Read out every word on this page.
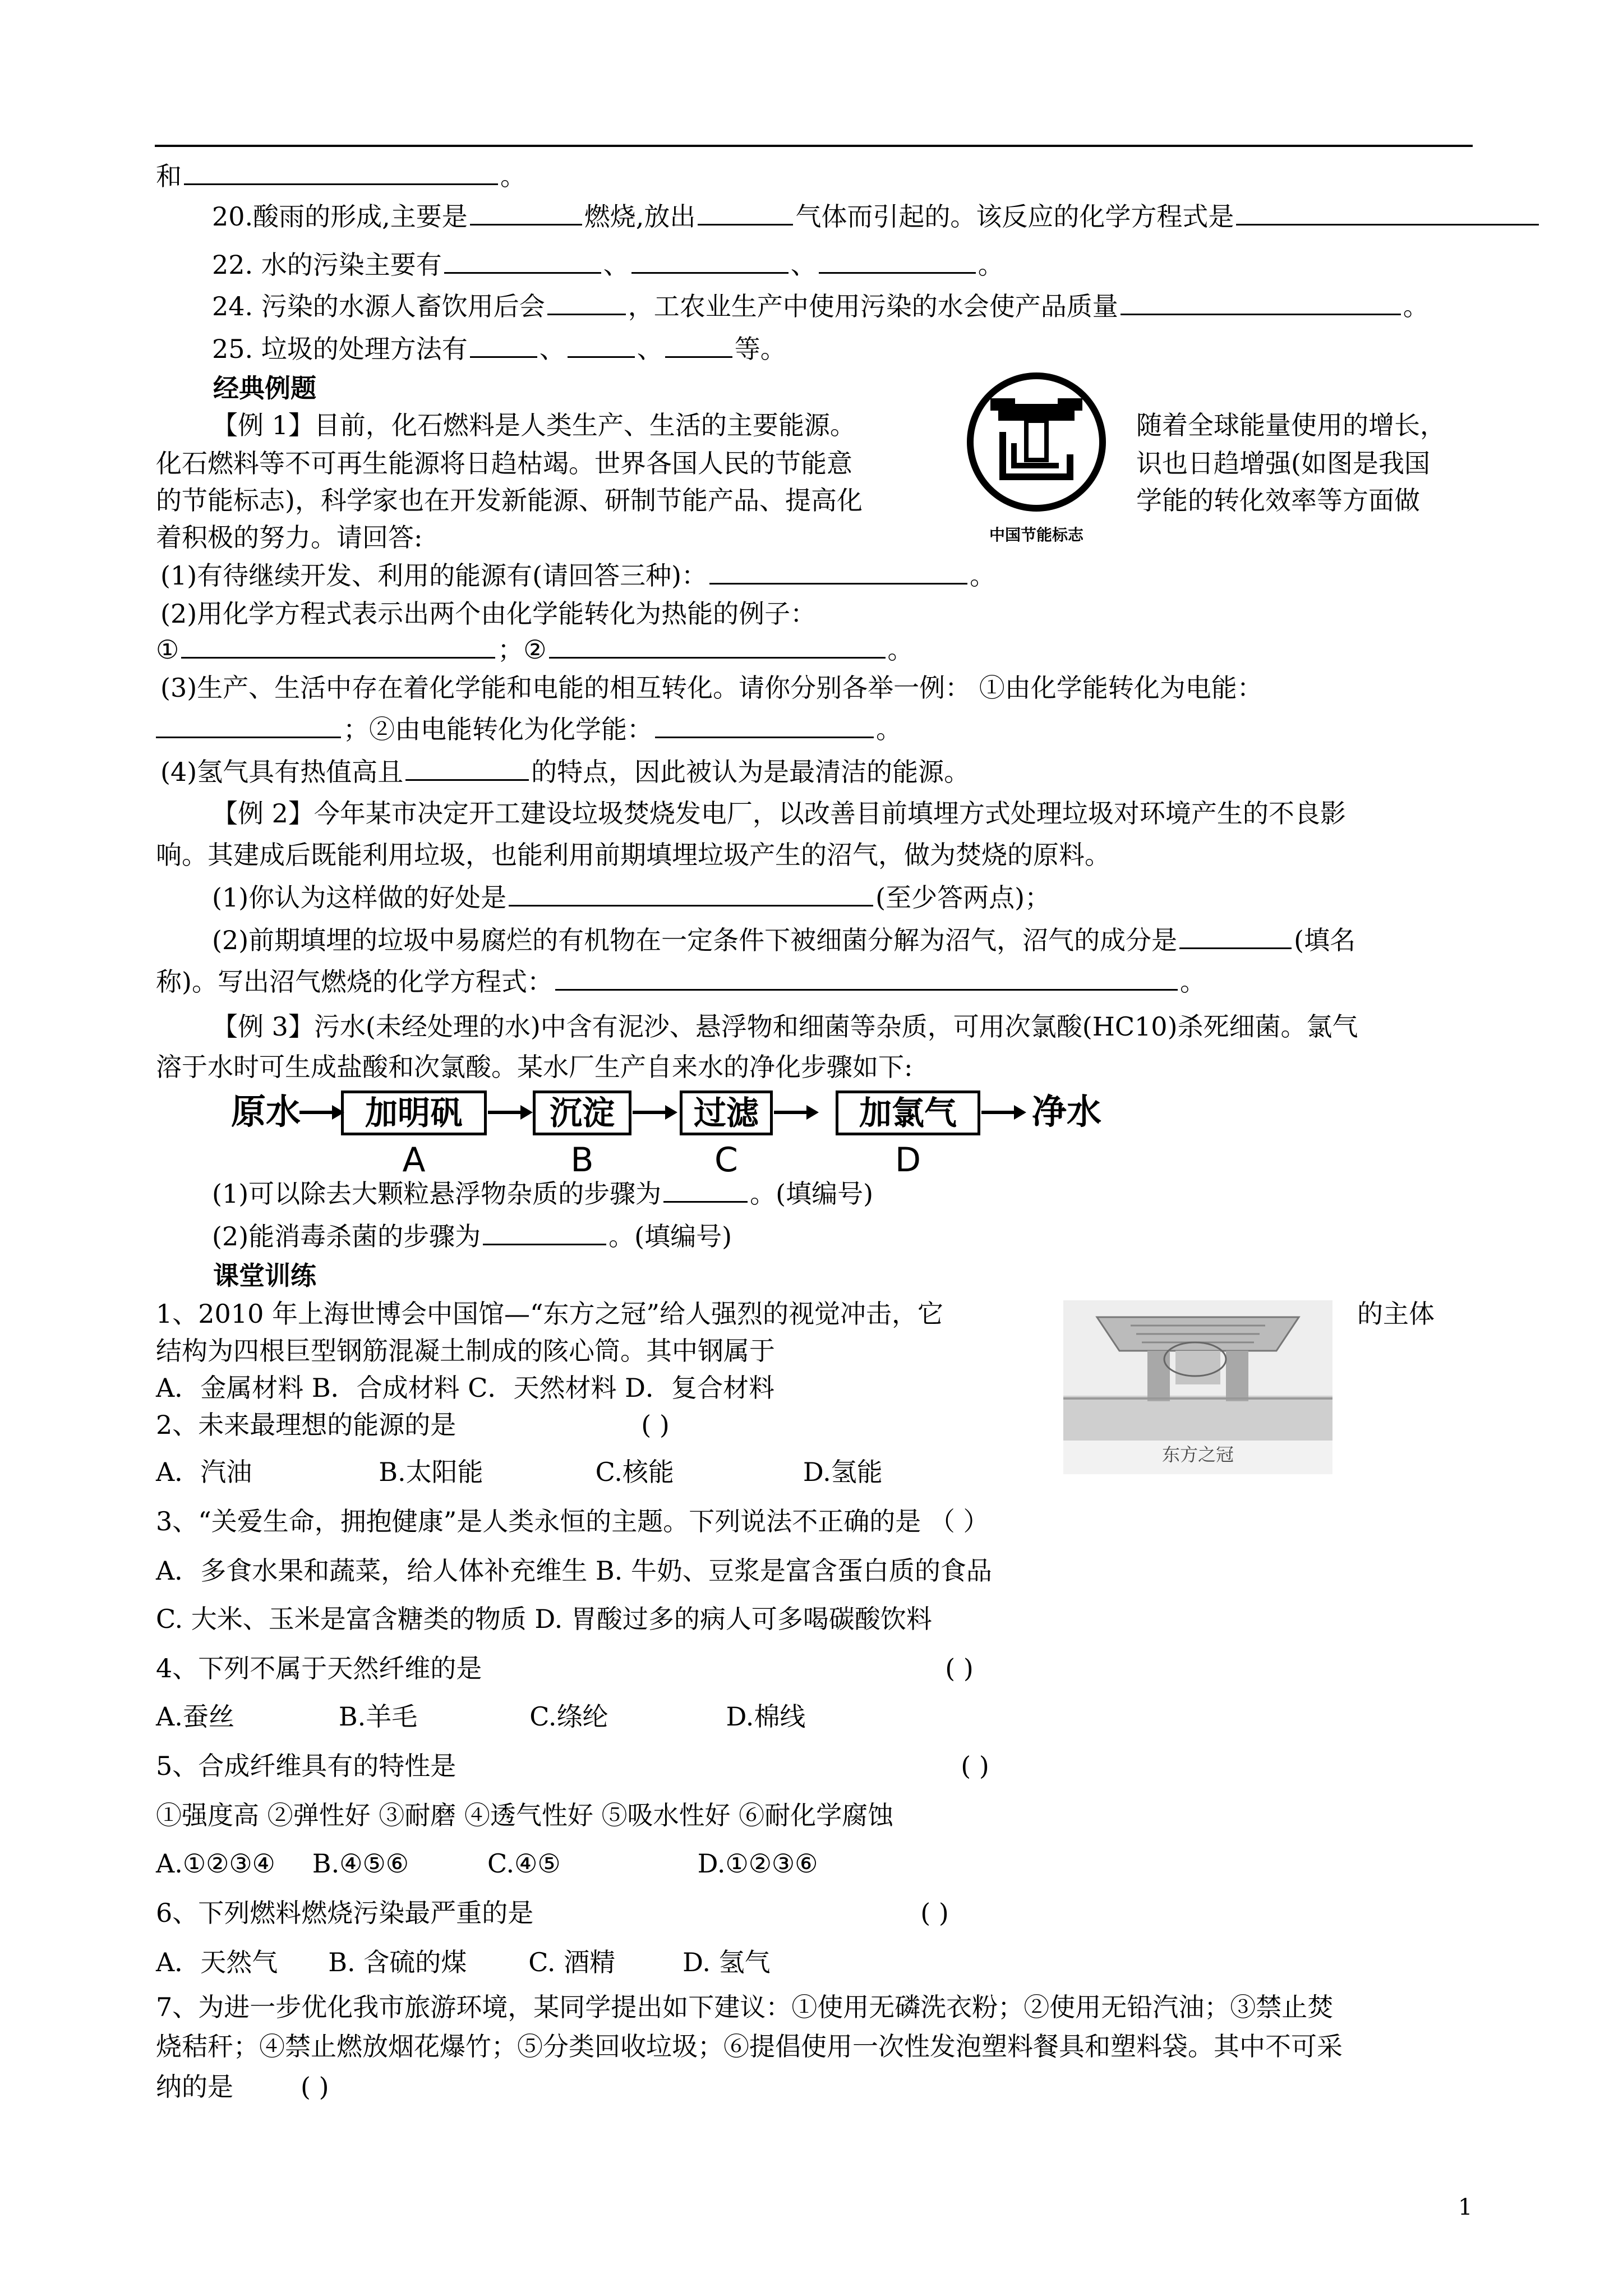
和	。
20.酸雨的形成,主要是	燃烧,放出	气体而引起的。该反应的化学方程式是
22. 水的污染主要有	、	、	。
24. 污染的水源人畜饮用后会	，工农业生产中使用污染的水会使产品质量	。
25. 垃圾的处理方法有	、	、	等。
经典例题
【例 1】目前，化石燃料是人类生产、生活的主要能源。	随着全球能量使用的增长，
化石燃料等不可再生能源将日趋枯竭。世界各国人民的节能意	识也日趋增强(如图是我国
的节能标志)，科学家也在开发新能源、研制节能产品、提高化	学能的转化效率等方面做
着积极的努力。请回答:	中国节能标志
(1)有待继续开发、利用的能源有(请回答三种)：	。
(2)用化学方程式表示出两个由化学能转化为热能的例子：
①	；②	。
(3)生产、生活中存在着化学能和电能的相互转化。请你分别各举一例： ①由化学能转化为电能：
；②由电能转化为化学能：	。
(4)氢气具有热值高且	的特点，因此被认为是最清洁的能源。
【例 2】今年某市决定开工建设垃圾焚烧发电厂，以改善目前填埋方式处理垃圾对环境产生的不良影
响。其建成后既能利用垃圾，也能利用前期填埋垃圾产生的沼气，做为焚烧的原料。
(1)你认为这样做的好处是	(至少答两点)；
(2)前期填埋的垃圾中易腐烂的有机物在一定条件下被细菌分解为沼气，沼气的成分是	(填名
称)。写出沼气燃烧的化学方程式：	。
【例 3】污水(未经处理的水)中含有泥沙、悬浮物和细菌等杂质，可用次氯酸(HC10)杀死细菌。氯气
溶于水时可生成盐酸和次氯酸。某水厂生产自来水的净化步骤如下:
原水	加明矾	沉淀	过滤	加氯气	净水
A	B	C	D
(1)可以除去大颗粒悬浮物杂质的步骤为	。(填编号)
(2)能消毒杀菌的步骤为	。(填编号)
课堂训练
1、2010 年上海世博会中国馆—“东方之冠”给人强烈的视觉冲击，它	的主体
结构为四根巨型钢筋混凝土制成的陔心筒。其中钢属于
A．金属材料 B．合成材料 C．天然材料 D．复合材料
东方之冠
2、未来最理想的能源的是	( )
A．汽油	B.太阳能	C.核能	D.氢能
3、“关爱生命，拥抱健康”是人类永恒的主题。下列说法不正确的是 （ ）
A．多食水果和蔬菜，给人体补充维生 B. 牛奶、豆浆是富含蛋白质的食品
C. 大米、玉米是富含糖类的物质 D. 胃酸过多的病人可多喝碳酸饮料
4、下列不属于天然纤维的是	( )
A.蚕丝	B.羊毛	C.绦纶	D.棉线
5、合成纤维具有的特性是	( )
①强度高 ②弹性好 ③耐磨 ④透气性好 ⑤吸水性好 ⑥耐化学腐蚀
A.①②③④ B.④⑤⑥	C.④⑤	D.①②③⑥
6、下列燃料燃烧污染最严重的是	( )
A．天然气 B. 含硫的煤 C. 酒精	D. 氢气
7、为进一步优化我市旅游环境，某同学提出如下建议：①使用无磷洗衣粉；②使用无铅汽油；③禁止焚
烧秸秆；④禁止燃放烟花爆竹；⑤分类回收垃圾；⑥提倡使用一次性发泡塑料餐具和塑料袋。其中不可采
纳的是	( )
1
